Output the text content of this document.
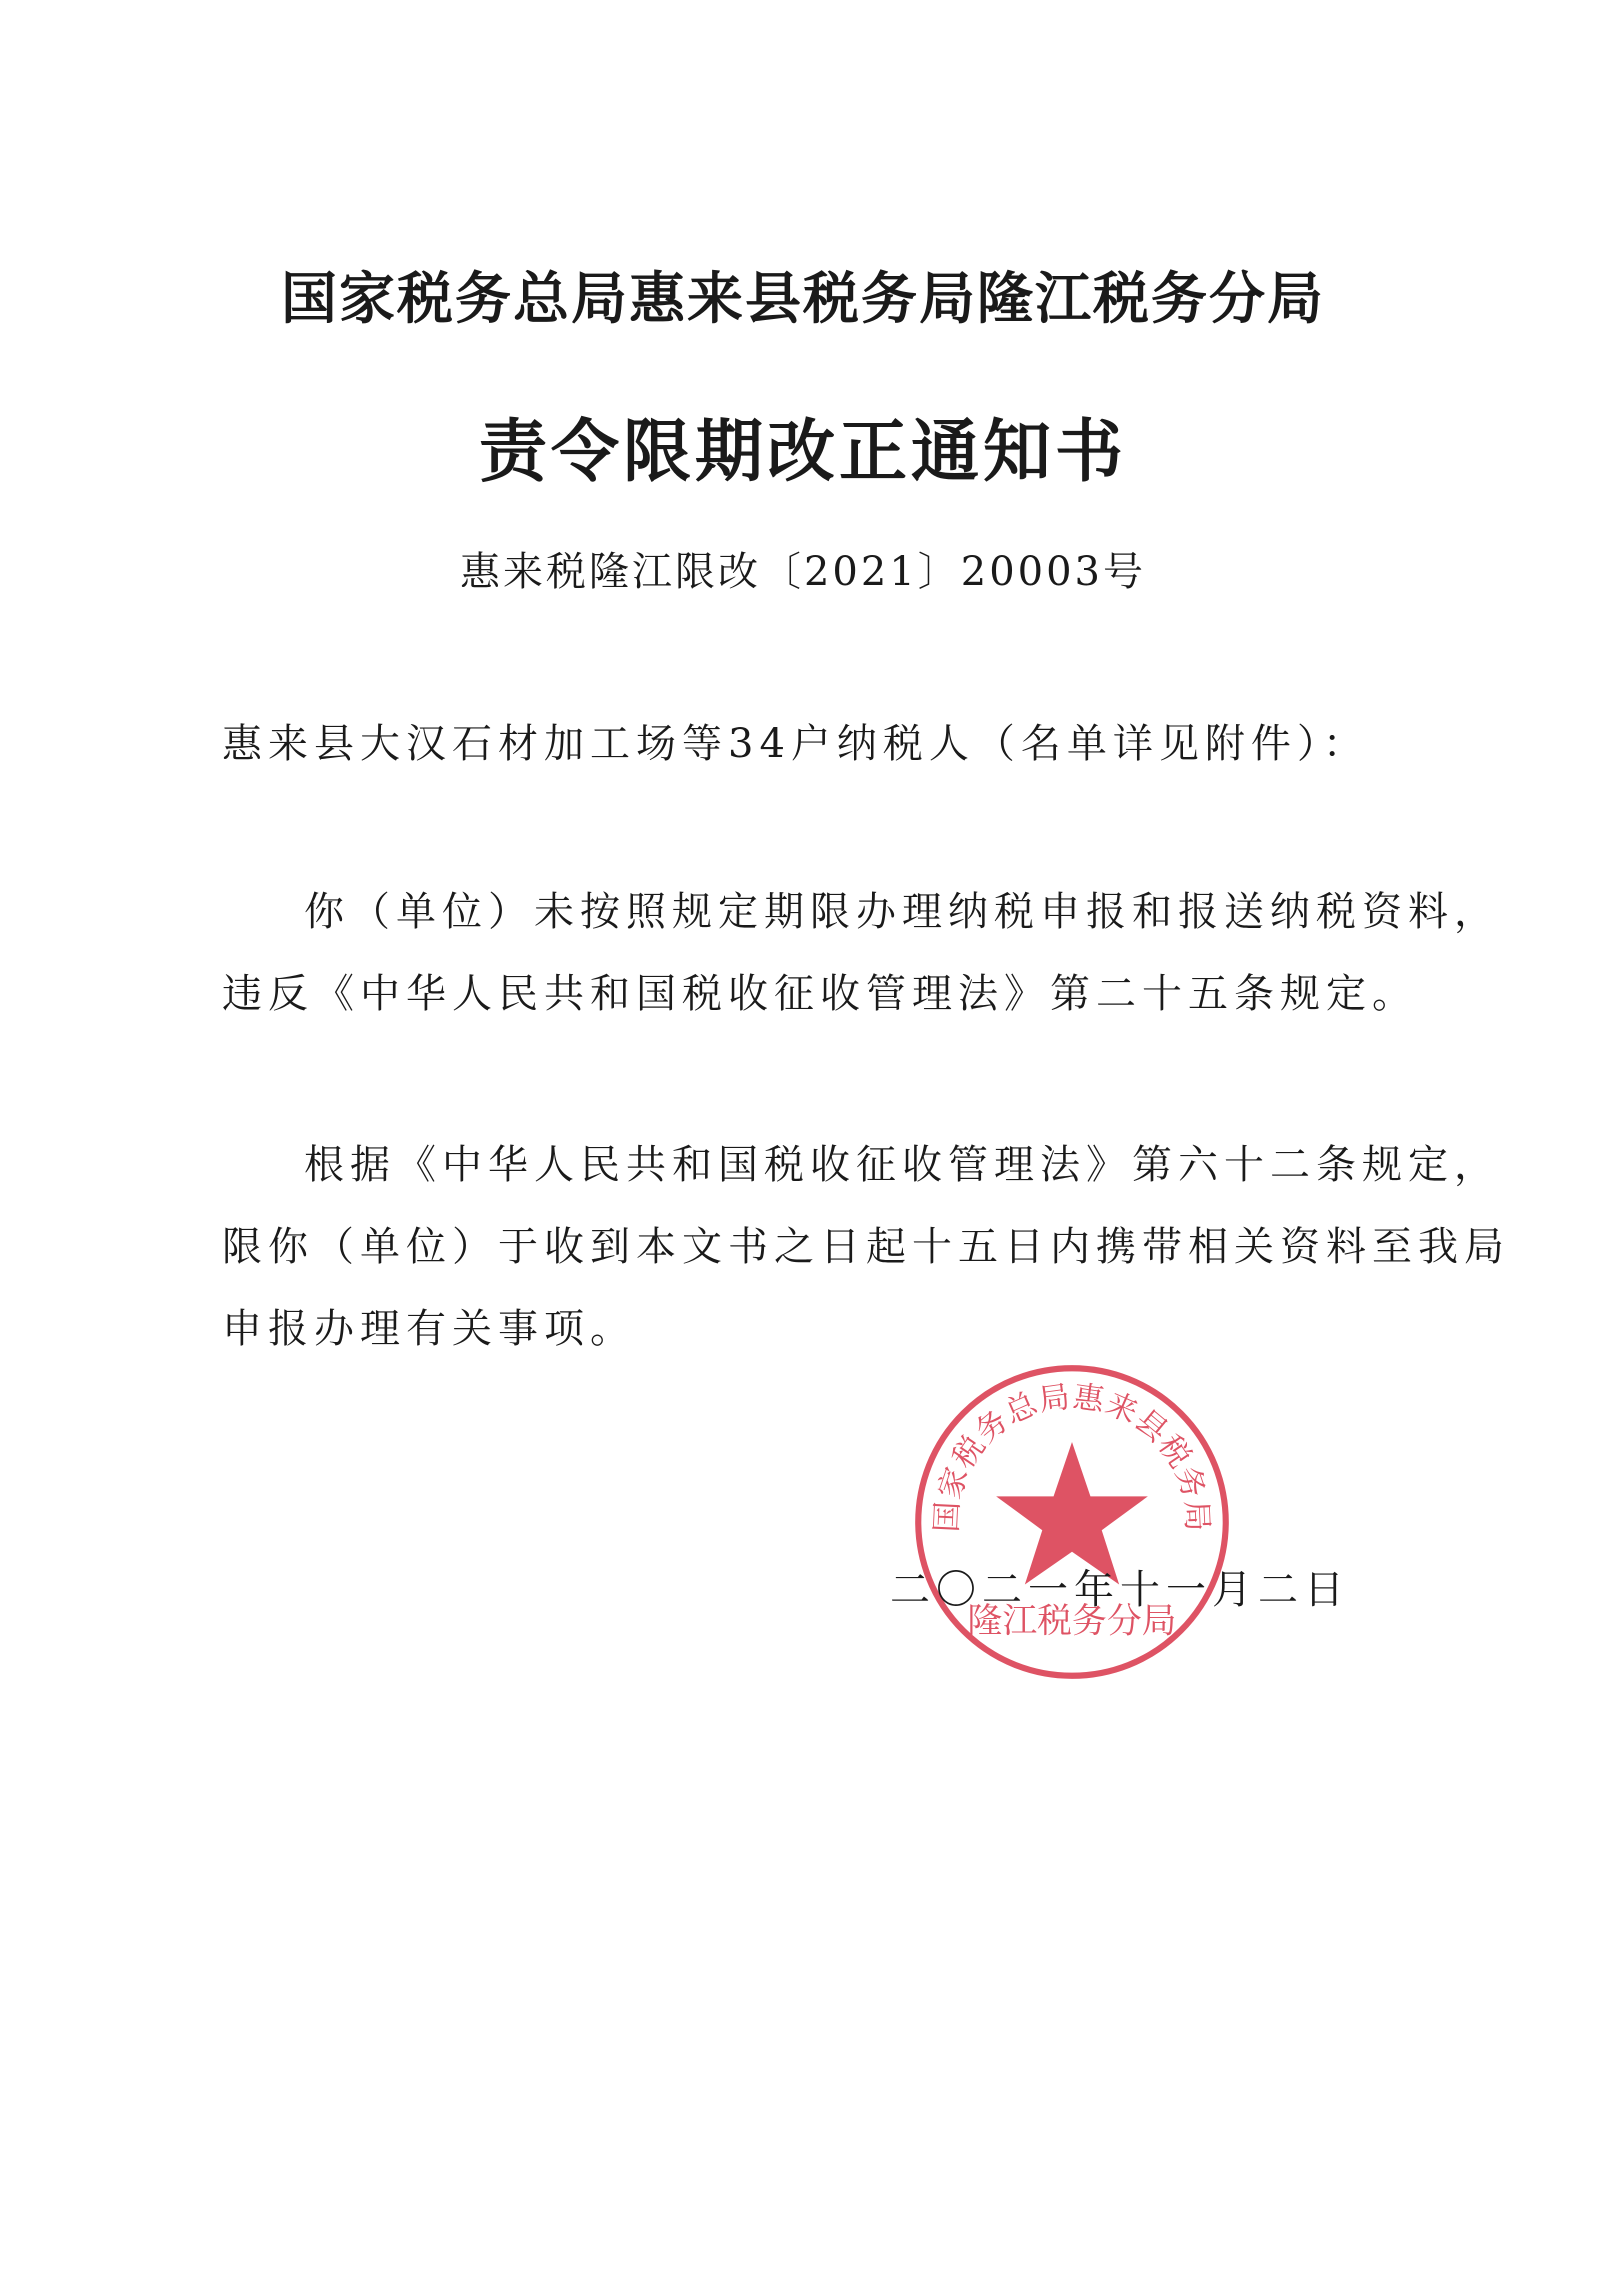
国家税务总局惠来县税务局隆江税务分局
责令限期改正通知书
惠来税隆江限改〔2021〕20003号
惠来县大汉石材加工场等34户纳税人（名单详见附件）：
你（单位）未按照规定期限办理纳税申报和报送纳税资料，
违反《中华人民共和国税收征收管理法》第二十五条规定。
根据《中华人民共和国税收征收管理法》第六十二条规定，
限你（单位）于收到本文书之日起十五日内携带相关资料至我局
申报办理有关事项。
国家税务总局惠来县税务局
隆江税务分局
二〇二一年十一月二日
